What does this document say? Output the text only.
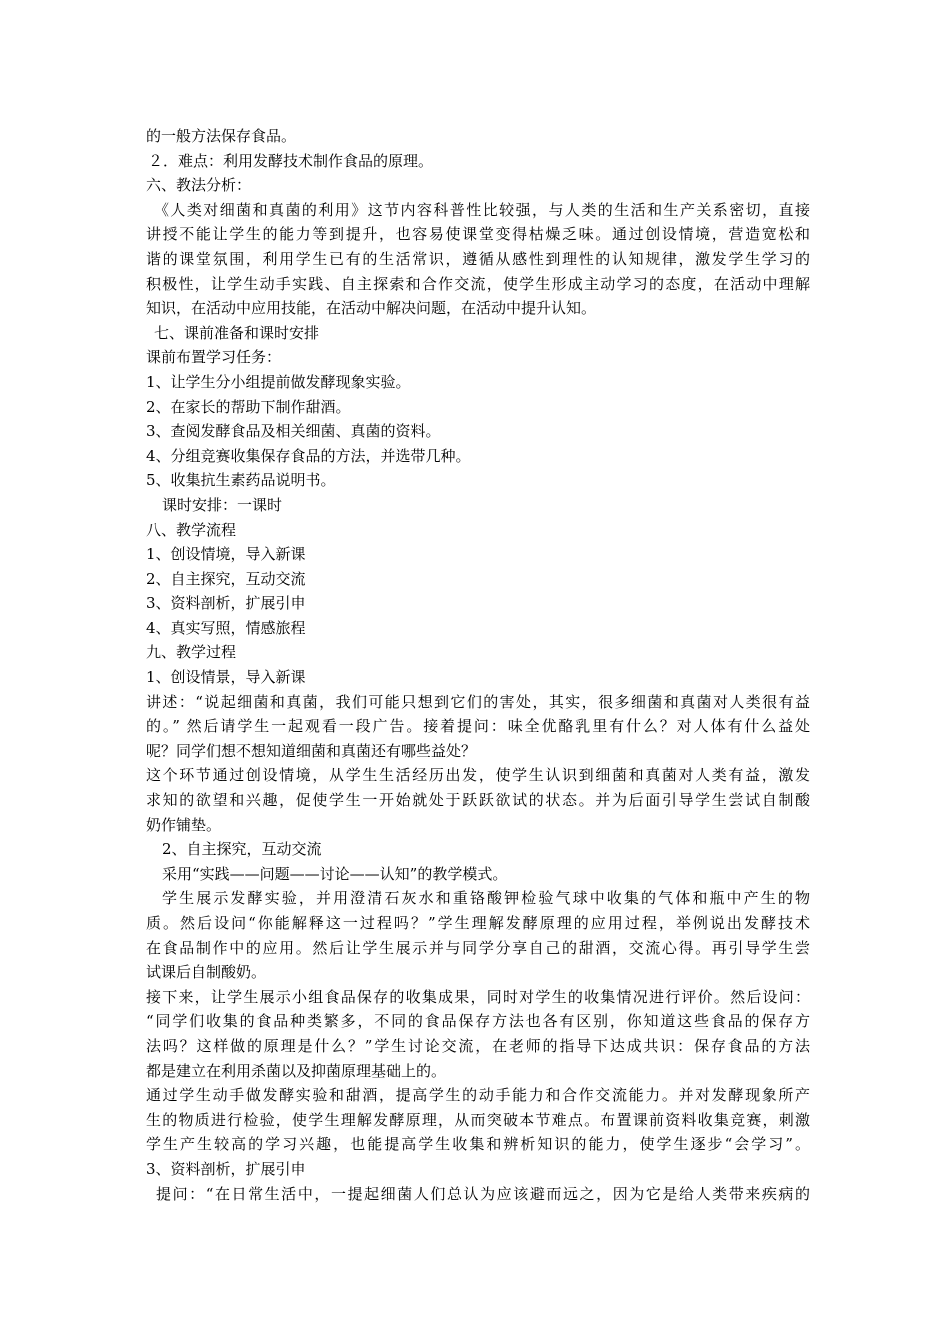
的一般方法保存食品。
２．难点：利用发酵技术制作食品的原理。
六、教法分析：
《人类对细菌和真菌的利用》这节内容科普性比较强，与人类的生活和生产关系密切，直接
讲授不能让学生的能力等到提升，也容易使课堂变得枯燥乏味。通过创设情境，营造宽松和
谐的课堂氛围，利用学生已有的生活常识，遵循从感性到理性的认知规律，激发学生学习的
积极性，让学生动手实践、自主探索和合作交流，使学生形成主动学习的态度，在活动中理解
知识，在活动中应用技能，在活动中解决问题，在活动中提升认知。
七、课前准备和课时安排
课前布置学习任务：
1、让学生分小组提前做发酵现象实验。
2、在家长的帮助下制作甜酒。
3、查阅发酵食品及相关细菌、真菌的资料。
4、分组竞赛收集保存食品的方法，并选带几种。
5、收集抗生素药品说明书。
课时安排：一课时
八、教学流程
1、创设情境，导入新课
2、自主探究，互动交流
3、资料剖析，扩展引申
4、真实写照，情感旅程
九、教学过程
1、创设情景，导入新课
讲述：“说起细菌和真菌，我们可能只想到它们的害处，其实，很多细菌和真菌对人类很有益
的。” 然后请学生一起观看一段广告。接着提问：味全优酪乳里有什么？对人体有什么益处
呢？同学们想不想知道细菌和真菌还有哪些益处？
这个环节通过创设情境，从学生生活经历出发，使学生认识到细菌和真菌对人类有益，激发
求知的欲望和兴趣，促使学生一开始就处于跃跃欲试的状态。并为后面引导学生尝试自制酸
奶作铺垫。
2、自主探究，互动交流
采用“实践——问题——讨论——认知”的教学模式。
学生展示发酵实验，并用澄清石灰水和重铬酸钾检验气球中收集的气体和瓶中产生的物
质。然后设问“你能解释这一过程吗？”学生理解发酵原理的应用过程，举例说出发酵技术
在食品制作中的应用。然后让学生展示并与同学分享自己的甜酒，交流心得。再引导学生尝
试课后自制酸奶。
接下来，让学生展示小组食品保存的收集成果，同时对学生的收集情况进行评价。然后设问：
“同学们收集的食品种类繁多，不同的食品保存方法也各有区别，你知道这些食品的保存方
法吗？这样做的原理是什么？”学生讨论交流，在老师的指导下达成共识：保存食品的方法
都是建立在利用杀菌以及抑菌原理基础上的。
通过学生动手做发酵实验和甜酒，提高学生的动手能力和合作交流能力。并对发酵现象所产
生的物质进行检验，使学生理解发酵原理，从而突破本节难点。布置课前资料收集竞赛，刺激
学生产生较高的学习兴趣，也能提高学生收集和辨析知识的能力，使学生逐步“会学习”。
3、资料剖析，扩展引申
提问：“在日常生活中，一提起细菌人们总认为应该避而远之，因为它是给人类带来疾病的
